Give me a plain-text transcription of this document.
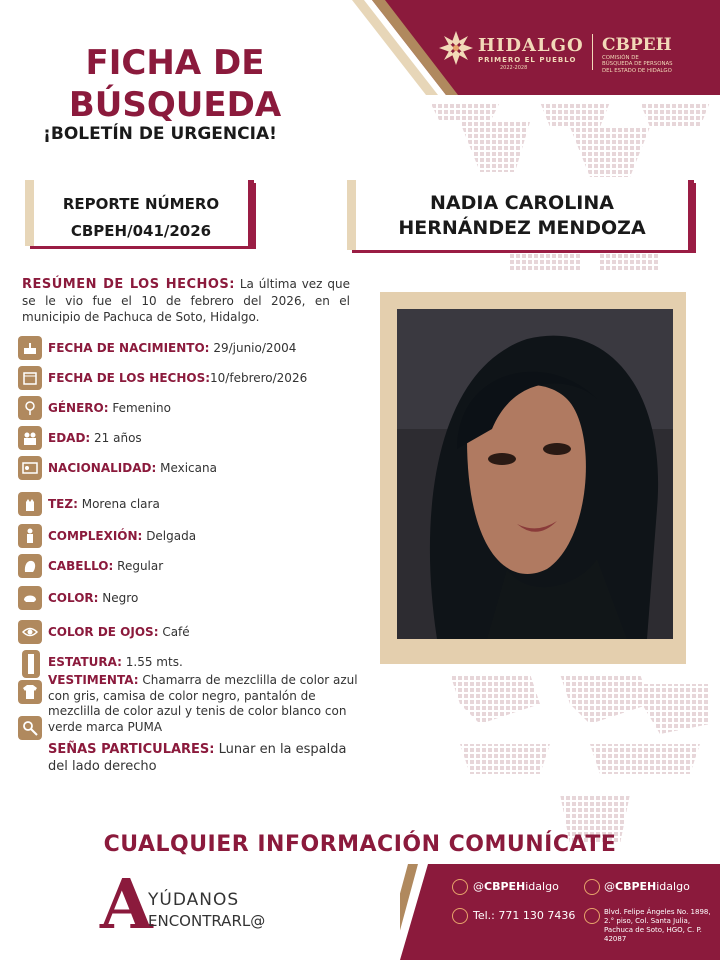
HIDALGO
PRIMERO EL PUEBLO
2022-2028
CBPEH
COMISIÓN DE
BÚSQUEDA DE PERSONAS
DEL ESTADO DE HIDALGO
FICHA DE
BÚSQUEDA
¡BOLETÍN DE URGENCIA!
REPORTE NÚMERO
CBPEH/041/2026
NADIA CAROLINA
HERNÁNDEZ MENDOZA
RESÚMEN DE LOS HECHOS: La última vez que se le vio fue el 10 de febrero del 2026, en el municipio de Pachuca de Soto, Hidalgo.
FECHA DE NACIMIENTO: 29/junio/2004
FECHA DE LOS HECHOS:10/febrero/2026
GÉNERO: Femenino
EDAD: 21 años
NACIONALIDAD: Mexicana
TEZ: Morena clara
COMPLEXIÓN: Delgada
CABELLO: Regular
COLOR: Negro
COLOR DE OJOS: Café
ESTATURA: 1.55 mts.
VESTIMENTA: Chamarra de mezclilla de color azul con gris, camisa de color negro, pantalón de mezclilla de color azul y tenis de color blanco con verde marca PUMA
SEÑAS PARTICULARES: Lunar en la espalda del lado derecho
CUALQUIER INFORMACIÓN COMUNÍCATE
A
YÚDANOS
ENCONTRARL@
@CBPEHidalgo	@CBPEHidalgo
Tel.: 771 130 7436	Blvd. Felipe Ángeles No. 1898, 2.° piso, Col. Santa Julia, Pachuca de Soto, HGO, C. P. 42087
